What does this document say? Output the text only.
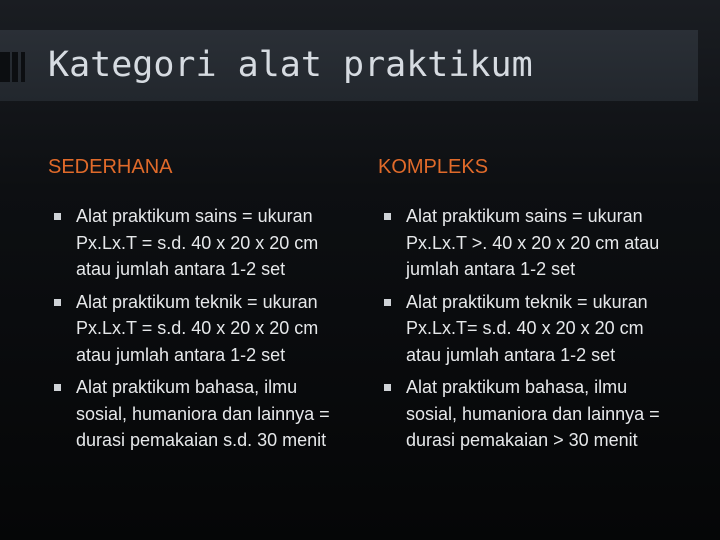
Kategori alat praktikum
SEDERHANA
Alat praktikum sains = ukuran Px.Lx.T = s.d. 40 x 20 x 20 cm atau jumlah antara 1-2 set
Alat praktikum teknik = ukuran Px.Lx.T = s.d. 40 x 20 x 20 cm atau jumlah antara 1-2 set
Alat praktikum bahasa, ilmu sosial, humaniora dan lainnya = durasi pemakaian s.d. 30 menit
KOMPLEKS
Alat praktikum sains = ukuran Px.Lx.T >. 40 x 20 x 20 cm atau jumlah antara 1-2 set
Alat praktikum teknik = ukuran Px.Lx.T= s.d. 40 x 20 x 20 cm atau jumlah antara 1-2 set
Alat praktikum bahasa, ilmu sosial, humaniora dan lainnya = durasi pemakaian > 30 menit
